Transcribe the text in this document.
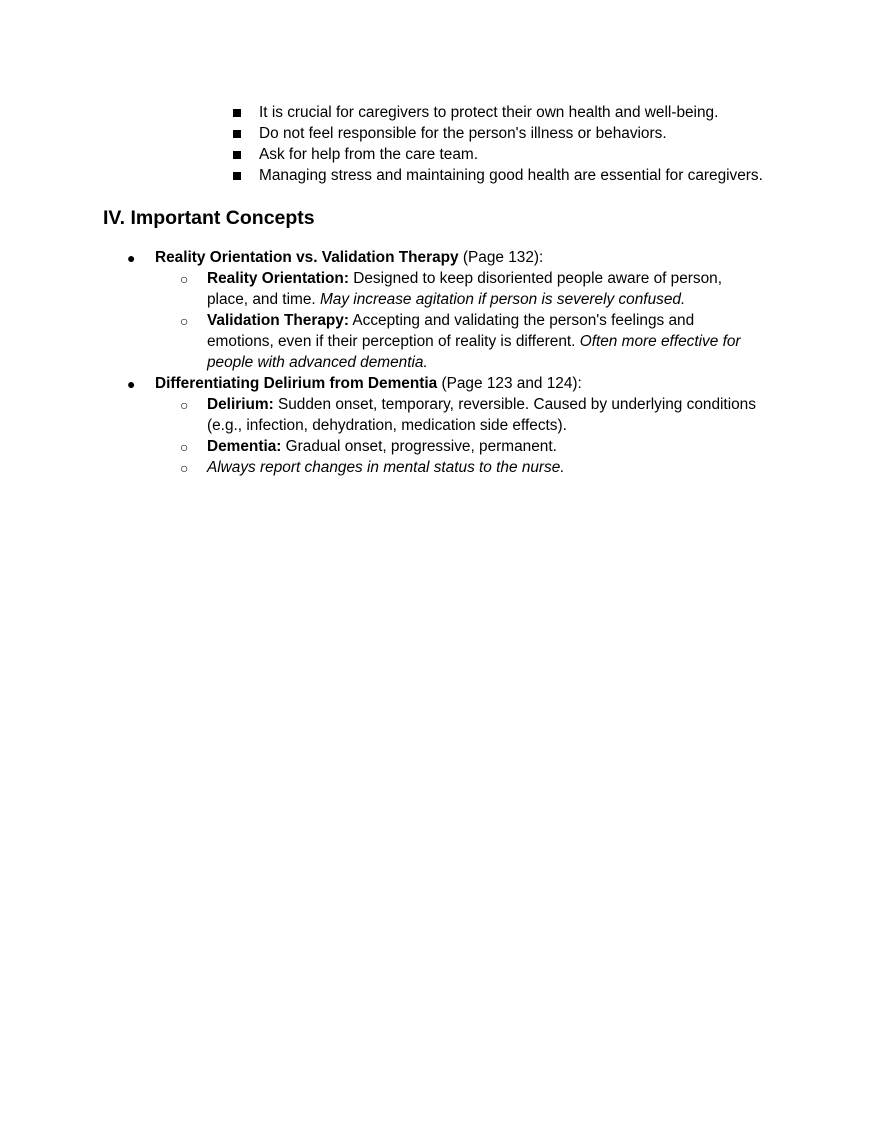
It is crucial for caregivers to protect their own health and well-being.
Do not feel responsible for the person's illness or behaviors.
Ask for help from the care team.
Managing stress and maintaining good health are essential for caregivers.
IV. Important Concepts
● Reality Orientation vs. Validation Therapy (Page 132):
○ Reality Orientation: Designed to keep disoriented people aware of person,
place, and time. May increase agitation if person is severely confused.
○ Validation Therapy: Accepting and validating the person's feelings and
emotions, even if their perception of reality is different. Often more effective for
people with advanced dementia.
● Differentiating Delirium from Dementia (Page 123 and 124):
○ Delirium: Sudden onset, temporary, reversible. Caused by underlying conditions
(e.g., infection, dehydration, medication side effects).
○ Dementia: Gradual onset, progressive, permanent.
○ Always report changes in mental status to the nurse.
